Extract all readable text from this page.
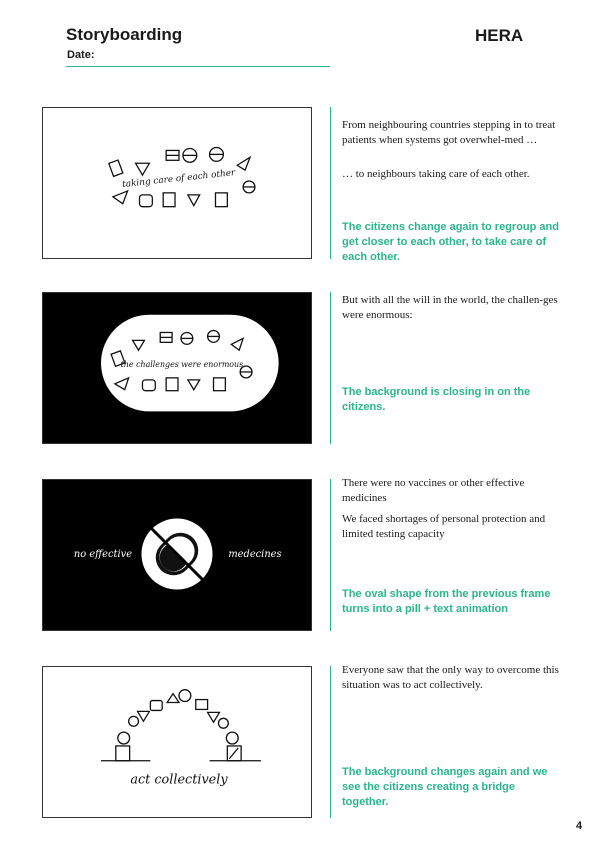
Storyboarding
Date:
HERA
taking care of each other

From neighbouring countries stepping in to treat patients when systems got overwhel-med …

… to neighbours taking care of each other.

The citizens change again to regroup and get closer to each other, to take care of each other.

the challenges were enormous

But with all the will in the world, the challen-ges were enormous:

The background is closing in on the citizens.

no effective	medecines

There were no vaccines or other effective medicines

We faced shortages of personal protection and

limited testing capacity

The oval shape from the previous frame turns into a pill + text animation

act collectively

Everyone saw that the only way to overcome this situation was to act collectively.

The background changes again and we see the citizens creating a bridge together.

4
